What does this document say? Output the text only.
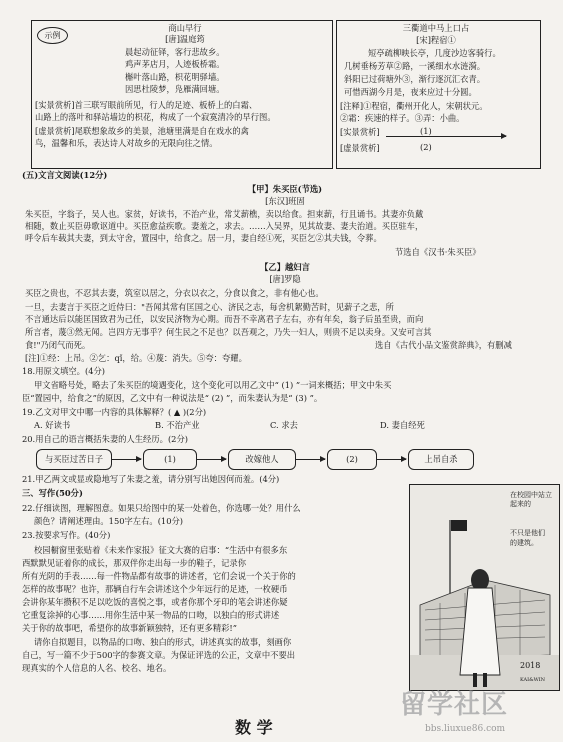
示例
商山早行
[唐]温庭筠
晨起动征铎，客行悲故乡。
鸡声茅店月，人迹板桥霜。
槲叶落山路，枳花明驿墙。
因思杜陵梦，凫雁满回塘。
[实景赏析]首三联写眼前所见，行人的足迹、板桥上的白霜、
山路上的落叶和驿站墙边的枳花，构成了一个寂寞清冷的早行图。
[虚景赏析]尾联想象故乡的美景，池塘里满是自在戏水的禽
鸟，温馨和乐，表达诗人对故乡的无限向往之情。
三衢道中马上口占
[宋]程宿①
短亭疏柳映长亭，几度沙边客骑行。
几树垂杨芳草②路，一溪细水水涟漪。
斜阳已过荷塘外③，渐行逐沉汇衣青。
可惜西湖今月是，夜来应过十分圆。
[注释]①程宿，衢州开化人，宋朝状元。
②霜：疾速的样子。③弄：小曲。
[实景赏析]	(1)
[虚景赏析]	(2)
(五)文言文阅读(12分)
【甲】朱买臣(节选)
[东汉]班固
朱买臣，字翁子，吴人也。家贫，好读书，不治产业，常艾薪樵，卖以给食。担束薪，行且诵书。其妻亦负戴
相随，数止买臣毋歌讴道中。买臣愈益疾歌。妻羞之，求去。……入吴界，见其故妻、妻夫治道。买臣驻车，
呼令后车载其夫妻，到太守舍，置园中，给食之。居一月，妻自经①死，买臣乞②其夫钱，令葬。
节选自《汉书·朱买臣》
【乙】越妇言
[唐]罗隐
买臣之贵也，不忍其去妻，筑室以居之，分衣以衣之，分食以食之，非有他心也。
一旦，去妻言于买臣之近侍曰："吾闻其常有匡国之心、济民之志，每舍机絮勤苦时，见薪子之悲，所
不言通达后以能匡国致君为己任，以安民济物为心期。而吾不幸离君子左右，亦有年矣，翁子后虽至贵，而向
所言者，蔑③然无闻。岂四方无事乎？何生民之不足也？以吾观之，乃失一妇人，则贵不足以卖身。又安可言其
食!"乃闭气而死。	选自《古代小品文鉴赏辞典》，有删减
[注]①经：上吊。②乞：qǐ，给。④蔑：消失。⑤夸：夸耀。
18.用原文填空。(4分)
甲文省略号处，略去了朱买臣的境遇变化，这个变化可以用乙文中“ (1) ”一词来概括；甲文中朱买
臣“置园中，给食之”的原因，乙文中有一种说法是“ (2) ”，而朱妻认为是“ (3) ”。
19.乙文对甲文中哪一内容的具体解释？( ▲ )(2分)
A. 好读书	B. 不治产业	C. 求去	D. 妻自经死
20.用自己的语言概括朱妻的人生经历。(2分)
与买臣过苦日子	(1)	改嫁他人	(2)	上吊自杀
21.甲乙两文或显或隐地写了朱妻之羞，请分别写出她因何而羞。(4分)
三、写作(50分)
22.仔细读图，理解图意。如果只给图中的某一处着色，你选哪一处？用什么
颜色？请阐述理由。150字左右。(10分)
23.按要求写作。(40分)
校园橱窗里张贴着《未来作家报》征文大赛的启事：“生活中有很多东
西默默见证着你的成长，那双伴你走出每一步的鞋子，记录你
所有光阴的手表……每一件物品都有故事的讲述者，它们会说一个关于你的
怎样的故事呢？也许，那辆自行车会讲述这个少年远行的足迹，一枚硬币
会讲你某年攒积不足以吃饭的喜悦之事，或者你那个牙印的笔会讲述你疑
它重复涂掉的心事……用你生活中某一物品的口吻，以独白的形式讲述
关于你的故事吧，希望你的故事新颖独特，还有更多精彩!”
请你自拟题目，以物品的口吻、独白的形式，讲述真实的故事，刻画你
自己，写一篇不少于500字的参赛文章。为保证评选的公正，文章中不要出
现真实的个人信息的人名、校名、地名。
数 学
在校园中站立起来的
不只是他们
的建筑。
2018
KAI&WIN
留学社区
bbs.liuxue86.com
